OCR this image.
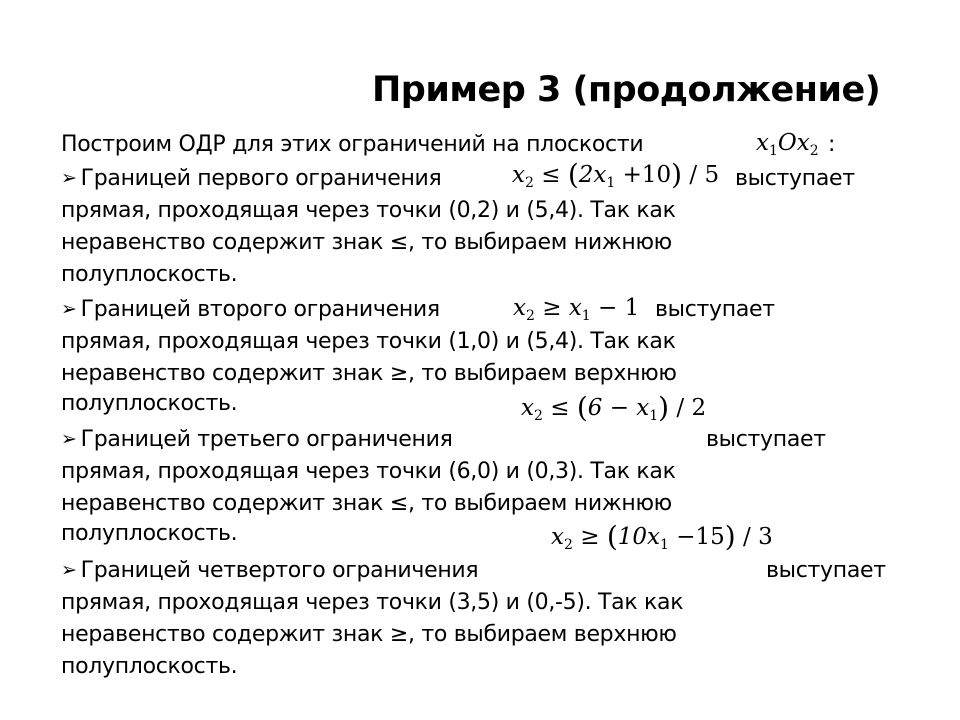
Пример 3 (продолжение)
Построим ОДР для этих ограничений на плоскости	$x_1Ox_2$ :
➢ Границей первого ограничения	$x_2 \le (2x_1 +10) / 5$ выступает
прямая, проходящая через точки (0,2) и (5,4). Так как
неравенство содержит знак ≤, то выбираем нижнюю
полуплоскость.
➢ Границей второго ограничения	$x_2 \ge x_1 - 1$ выступает
прямая, проходящая через точки (1,0) и (5,4). Так как
неравенство содержит знак ≥, то выбираем верхнюю
полуплоскость.	$x_2 \le (6 - x_1) / 2$
➢ Границей третьего ограничения	выступает
прямая, проходящая через точки (6,0) и (0,3). Так как
неравенство содержит знак ≤, то выбираем нижнюю
полуплоскость.	$x_2 \ge (10x_1 -15) / 3$
➢ Границей четвертого ограничения	выступает
прямая, проходящая через точки (3,5) и (0,-5). Так как
неравенство содержит знак ≥, то выбираем верхнюю
полуплоскость.
